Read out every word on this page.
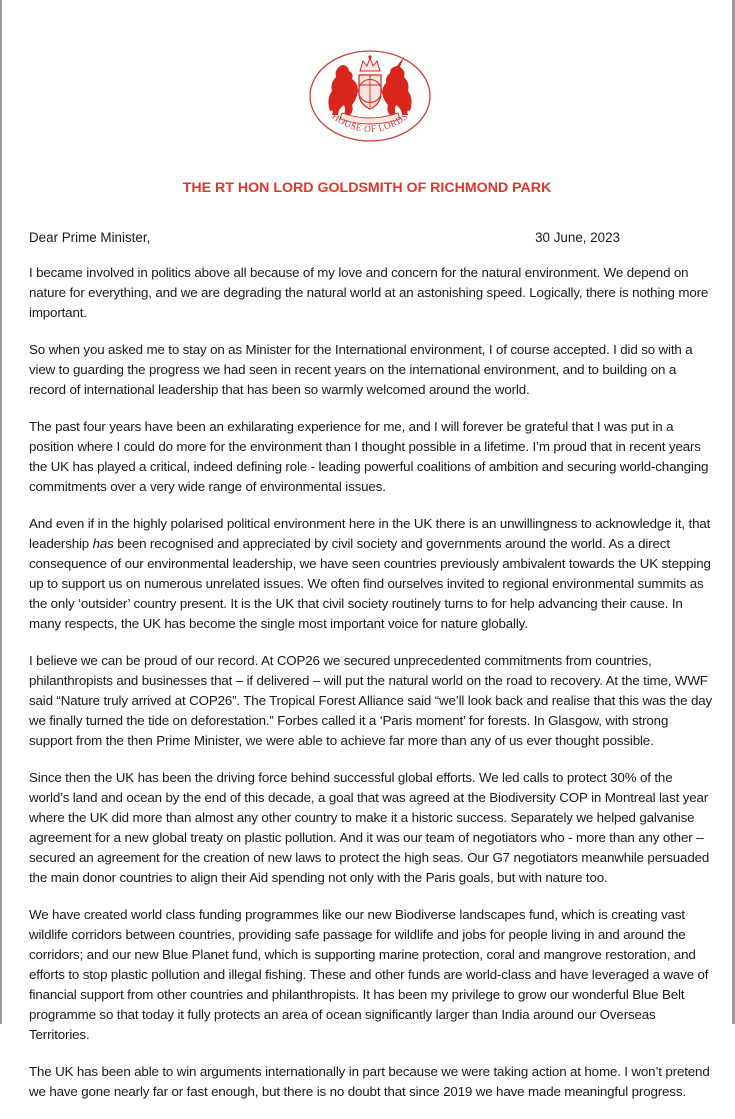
HOUSE OF LORDS
THE RT HON LORD GOLDSMITH OF RICHMOND PARK
Dear Prime Minister,	30 June, 2023

I became involved in politics above all because of my love and concern for the natural environment. We depend on nature for everything, and we are degrading the natural world at an astonishing speed. Logically, there is nothing more important.

So when you asked me to stay on as Minister for the International environment, I of course accepted. I did so with a view to guarding the progress we had seen in recent years on the international environment, and to building on a record of international leadership that has been so warmly welcomed around the world.

The past four years have been an exhilarating experience for me, and I will forever be grateful that I was put in a position where I could do more for the environment than I thought possible in a lifetime. I’m proud that in recent years the UK has played a critical, indeed defining role - leading powerful coalitions of ambition and securing world-changing commitments over a very wide range of environmental issues.

And even if in the highly polarised political environment here in the UK there is an unwillingness to acknowledge it, that leadership has been recognised and appreciated by civil society and governments around the world. As a direct consequence of our environmental leadership, we have seen countries previously ambivalent towards the UK stepping up to support us on numerous unrelated issues. We often find ourselves invited to regional environmental summits as the only ‘outsider’ country present. It is the UK that civil society routinely turns to for help advancing their cause. In many respects, the UK has become the single most important voice for nature globally.

I believe we can be proud of our record. At COP26 we secured unprecedented commitments from countries, philanthropists and businesses that – if delivered – will put the natural world on the road to recovery. At the time, WWF said “Nature truly arrived at COP26”. The Tropical Forest Alliance said “we’ll look back and realise that this was the day we finally turned the tide on deforestation.” Forbes called it a ‘Paris moment’ for forests. In Glasgow, with strong support from the then Prime Minister, we were able to achieve far more than any of us ever thought possible.

Since then the UK has been the driving force behind successful global efforts. We led calls to protect 30% of the world’s land and ocean by the end of this decade, a goal that was agreed at the Biodiversity COP in Montreal last year where the UK did more than almost any other country to make it a historic success. Separately we helped galvanise agreement for a new global treaty on plastic pollution. And it was our team of negotiators who - more than any other – secured an agreement for the creation of new laws to protect the high seas. Our G7 negotiators meanwhile persuaded the main donor countries to align their Aid spending not only with the Paris goals, but with nature too.

We have created world class funding programmes like our new Biodiverse landscapes fund, which is creating vast wildlife corridors between countries, providing safe passage for wildlife and jobs for people living in and around the corridors; and our new Blue Planet fund, which is supporting marine protection, coral and mangrove restoration, and efforts to stop plastic pollution and illegal fishing. These and other funds are world-class and have leveraged a wave of financial support from other countries and philanthropists. It has been my privilege to grow our wonderful Blue Belt programme so that today it fully protects an area of ocean significantly larger than India around our Overseas Territories.

The UK has been able to win arguments internationally in part because we were taking action at home. I won’t pretend we have gone nearly far or fast enough, but there is no doubt that since 2019 we have made meaningful progress.
